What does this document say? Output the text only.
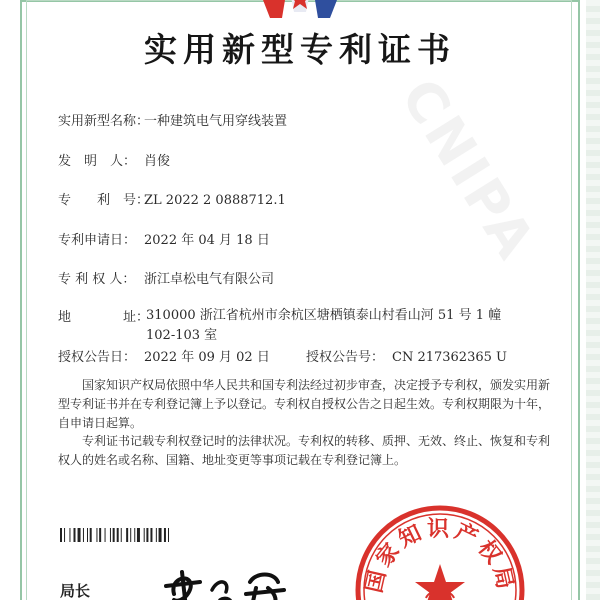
CNIPA
实用新型专利证书
实用新型名称：一种建筑电气用穿线装置
发　明　人： 肖俊
专　　利　号：ZL 2022 2 0888712.1
专利申请日： 2022 年 04 月 18 日
专 利 权 人： 浙江卓松电气有限公司
地　　　　址：
310000 浙江省杭州市余杭区塘栖镇泰山村看山河 51 号 1 幢 102-103 室
授权公告日： 2022 年 09 月 02 日	授权公告号： CN 217362365 U
国家知识产权局依照中华人民共和国专利法经过初步审查，决定授予专利权，颁发实用新型专利证书并在专利登记簿上予以登记。专利权自授权公告之日起生效。专利权期限为十年，自申请日起算。
专利证书记载专利权登记时的法律状况。专利权的转移、质押、无效、终止、恢复和专利权人的姓名或名称、国籍、地址变更等事项记载在专利登记簿上。
局长	国家知识产权局
